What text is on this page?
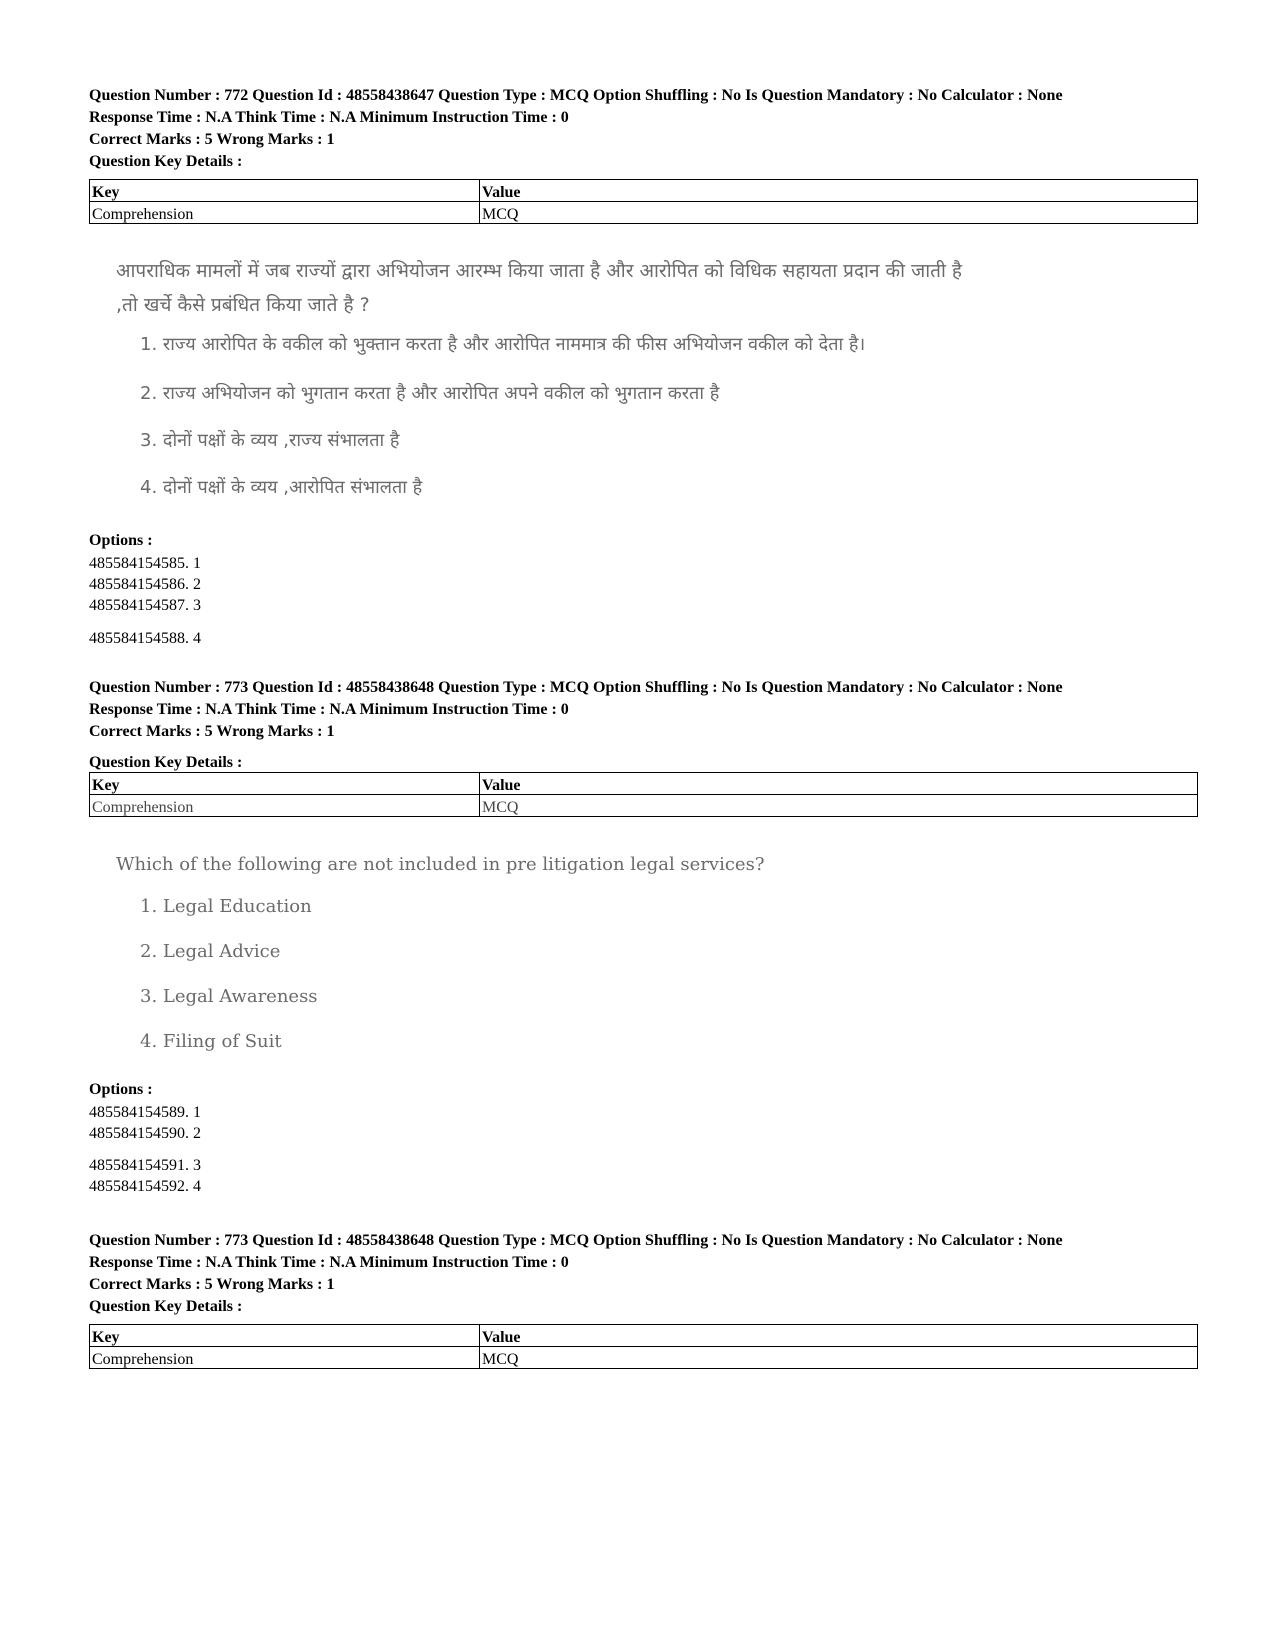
Question Number : 772 Question Id : 48558438647 Question Type : MCQ Option Shuffling : No Is Question Mandatory : No Calculator : None
Response Time : N.A Think Time : N.A Minimum Instruction Time : 0
Correct Marks : 5 Wrong Marks : 1
Question Key Details :
Key	Value
Comprehension	MCQ
आपराधिक मामलों में जब राज्यों द्वारा अभियोजन आरम्भ किया जाता है और आरोपित को विधिक सहायता प्रदान की जाती है ,तो खर्चे कैसे प्रबंधित किया जाते है ?
1. राज्य आरोपित के वकील को भुक्तान करता है और आरोपित नाममात्र की फीस अभियोजन वकील को देता है।
2. राज्य अभियोजन को भुगतान करता है और आरोपित अपने वकील को भुगतान करता है
3. दोनों पक्षों के व्यय ,राज्य संभालता है
4. दोनों पक्षों के व्यय ,आरोपित संभालता है
Options :
485584154585. 1
485584154586. 2
485584154587. 3
485584154588. 4
Question Number : 773 Question Id : 48558438648 Question Type : MCQ Option Shuffling : No Is Question Mandatory : No Calculator : None
Response Time : N.A Think Time : N.A Minimum Instruction Time : 0
Correct Marks : 5 Wrong Marks : 1
Question Key Details :
Key	Value
Comprehension	MCQ
Which of the following are not included in pre litigation legal services?
1. Legal Education
2. Legal Advice
3. Legal Awareness
4. Filing of Suit
Options :
485584154589. 1
485584154590. 2
485584154591. 3
485584154592. 4
Question Number : 773 Question Id : 48558438648 Question Type : MCQ Option Shuffling : No Is Question Mandatory : No Calculator : None
Response Time : N.A Think Time : N.A Minimum Instruction Time : 0
Correct Marks : 5 Wrong Marks : 1
Question Key Details :
Key	Value
Comprehension	MCQ
